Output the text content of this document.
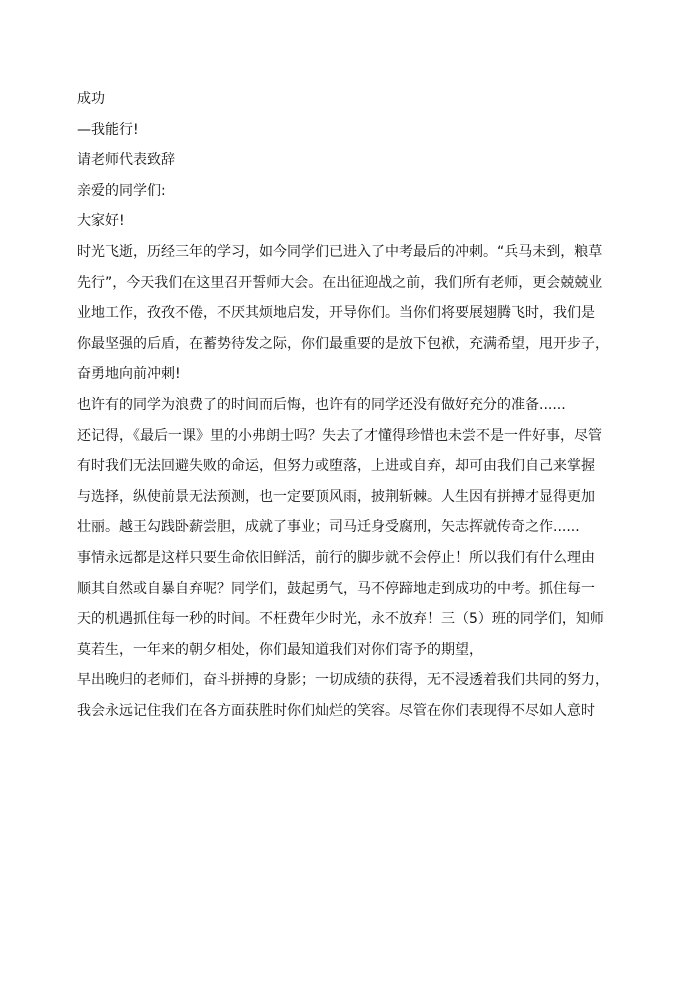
成功
—我能行!
请老师代表致辞
亲爱的同学们:
大家好!
时光飞逝，历经三年的学习，如今同学们已进入了中考最后的冲刺。“兵马未到，粮草
先行”，今天我们在这里召开誓师大会。在出征迎战之前，我们所有老师，更会兢兢业
业地工作，孜孜不倦，不厌其烦地启发，开导你们。当你们将要展翅腾飞时，我们是
你最坚强的后盾，在蓄势待发之际，你们最重要的是放下包袱，充满希望，甩开步子，
奋勇地向前冲刺!
也许有的同学为浪费了的时间而后悔，也许有的同学还没有做好充分的准备......
还记得，《最后一课》里的小弗朗士吗？失去了才懂得珍惜也未尝不是一件好事，尽管
有时我们无法回避失败的命运，但努力或堕落，上进或自弃，却可由我们自己来掌握
与选择，纵使前景无法预测，也一定要顶风雨，披荆斩棘。人生因有拼搏才显得更加
壮丽。越王勾践卧薪尝胆，成就了事业；司马迁身受腐刑，矢志挥就传奇之作......
事情永远都是这样只要生命依旧鲜活，前行的脚步就不会停止！所以我们有什么理由
顺其自然或自暴自弃呢？同学们，鼓起勇气，马不停蹄地走到成功的中考。抓住每一
天的机遇抓住每一秒的时间。不枉费年少时光，永不放弃！三（5）班的同学们，知师
莫若生，一年来的朝夕相处，你们最知道我们对你们寄予的期望，
早出晚归的老师们，奋斗拼搏的身影；一切成绩的获得，无不浸透着我们共同的努力，
我会永远记住我们在各方面获胜时你们灿烂的笑容。尽管在你们表现得不尽如人意时
